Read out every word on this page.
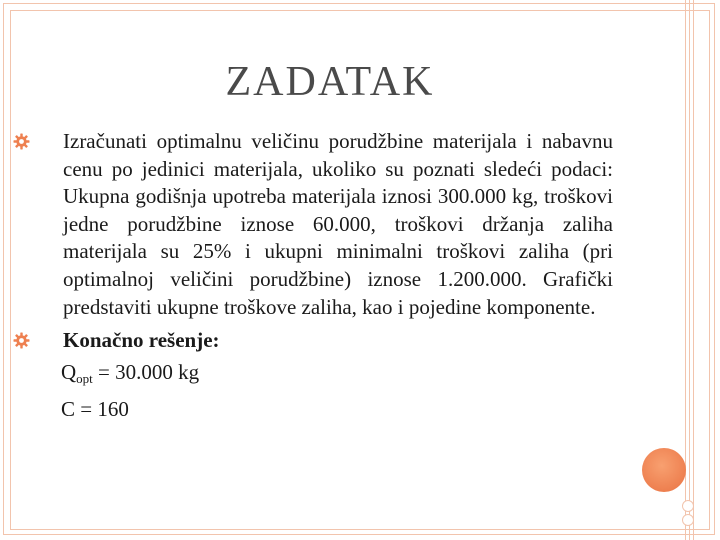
ZADATAK

Izračunati optimalnu veličinu porudžbine materijala i nabavnu cenu po jedinici materijala, ukoliko su poznati sledeći podaci: Ukupna godišnja upotreba materijala iznosi 300.000 kg, troškovi jedne porudžbine iznose 60.000, troškovi držanja zaliha materijala su 25% i ukupni minimalni troškovi zaliha (pri optimalnoj veličini porudžbine) iznose 1.200.000. Grafički predstaviti ukupne troškove zaliha, kao i pojedine komponente.

Konačno rešenje:

$Q_{opt} = 30.000$ kg
C = 160
